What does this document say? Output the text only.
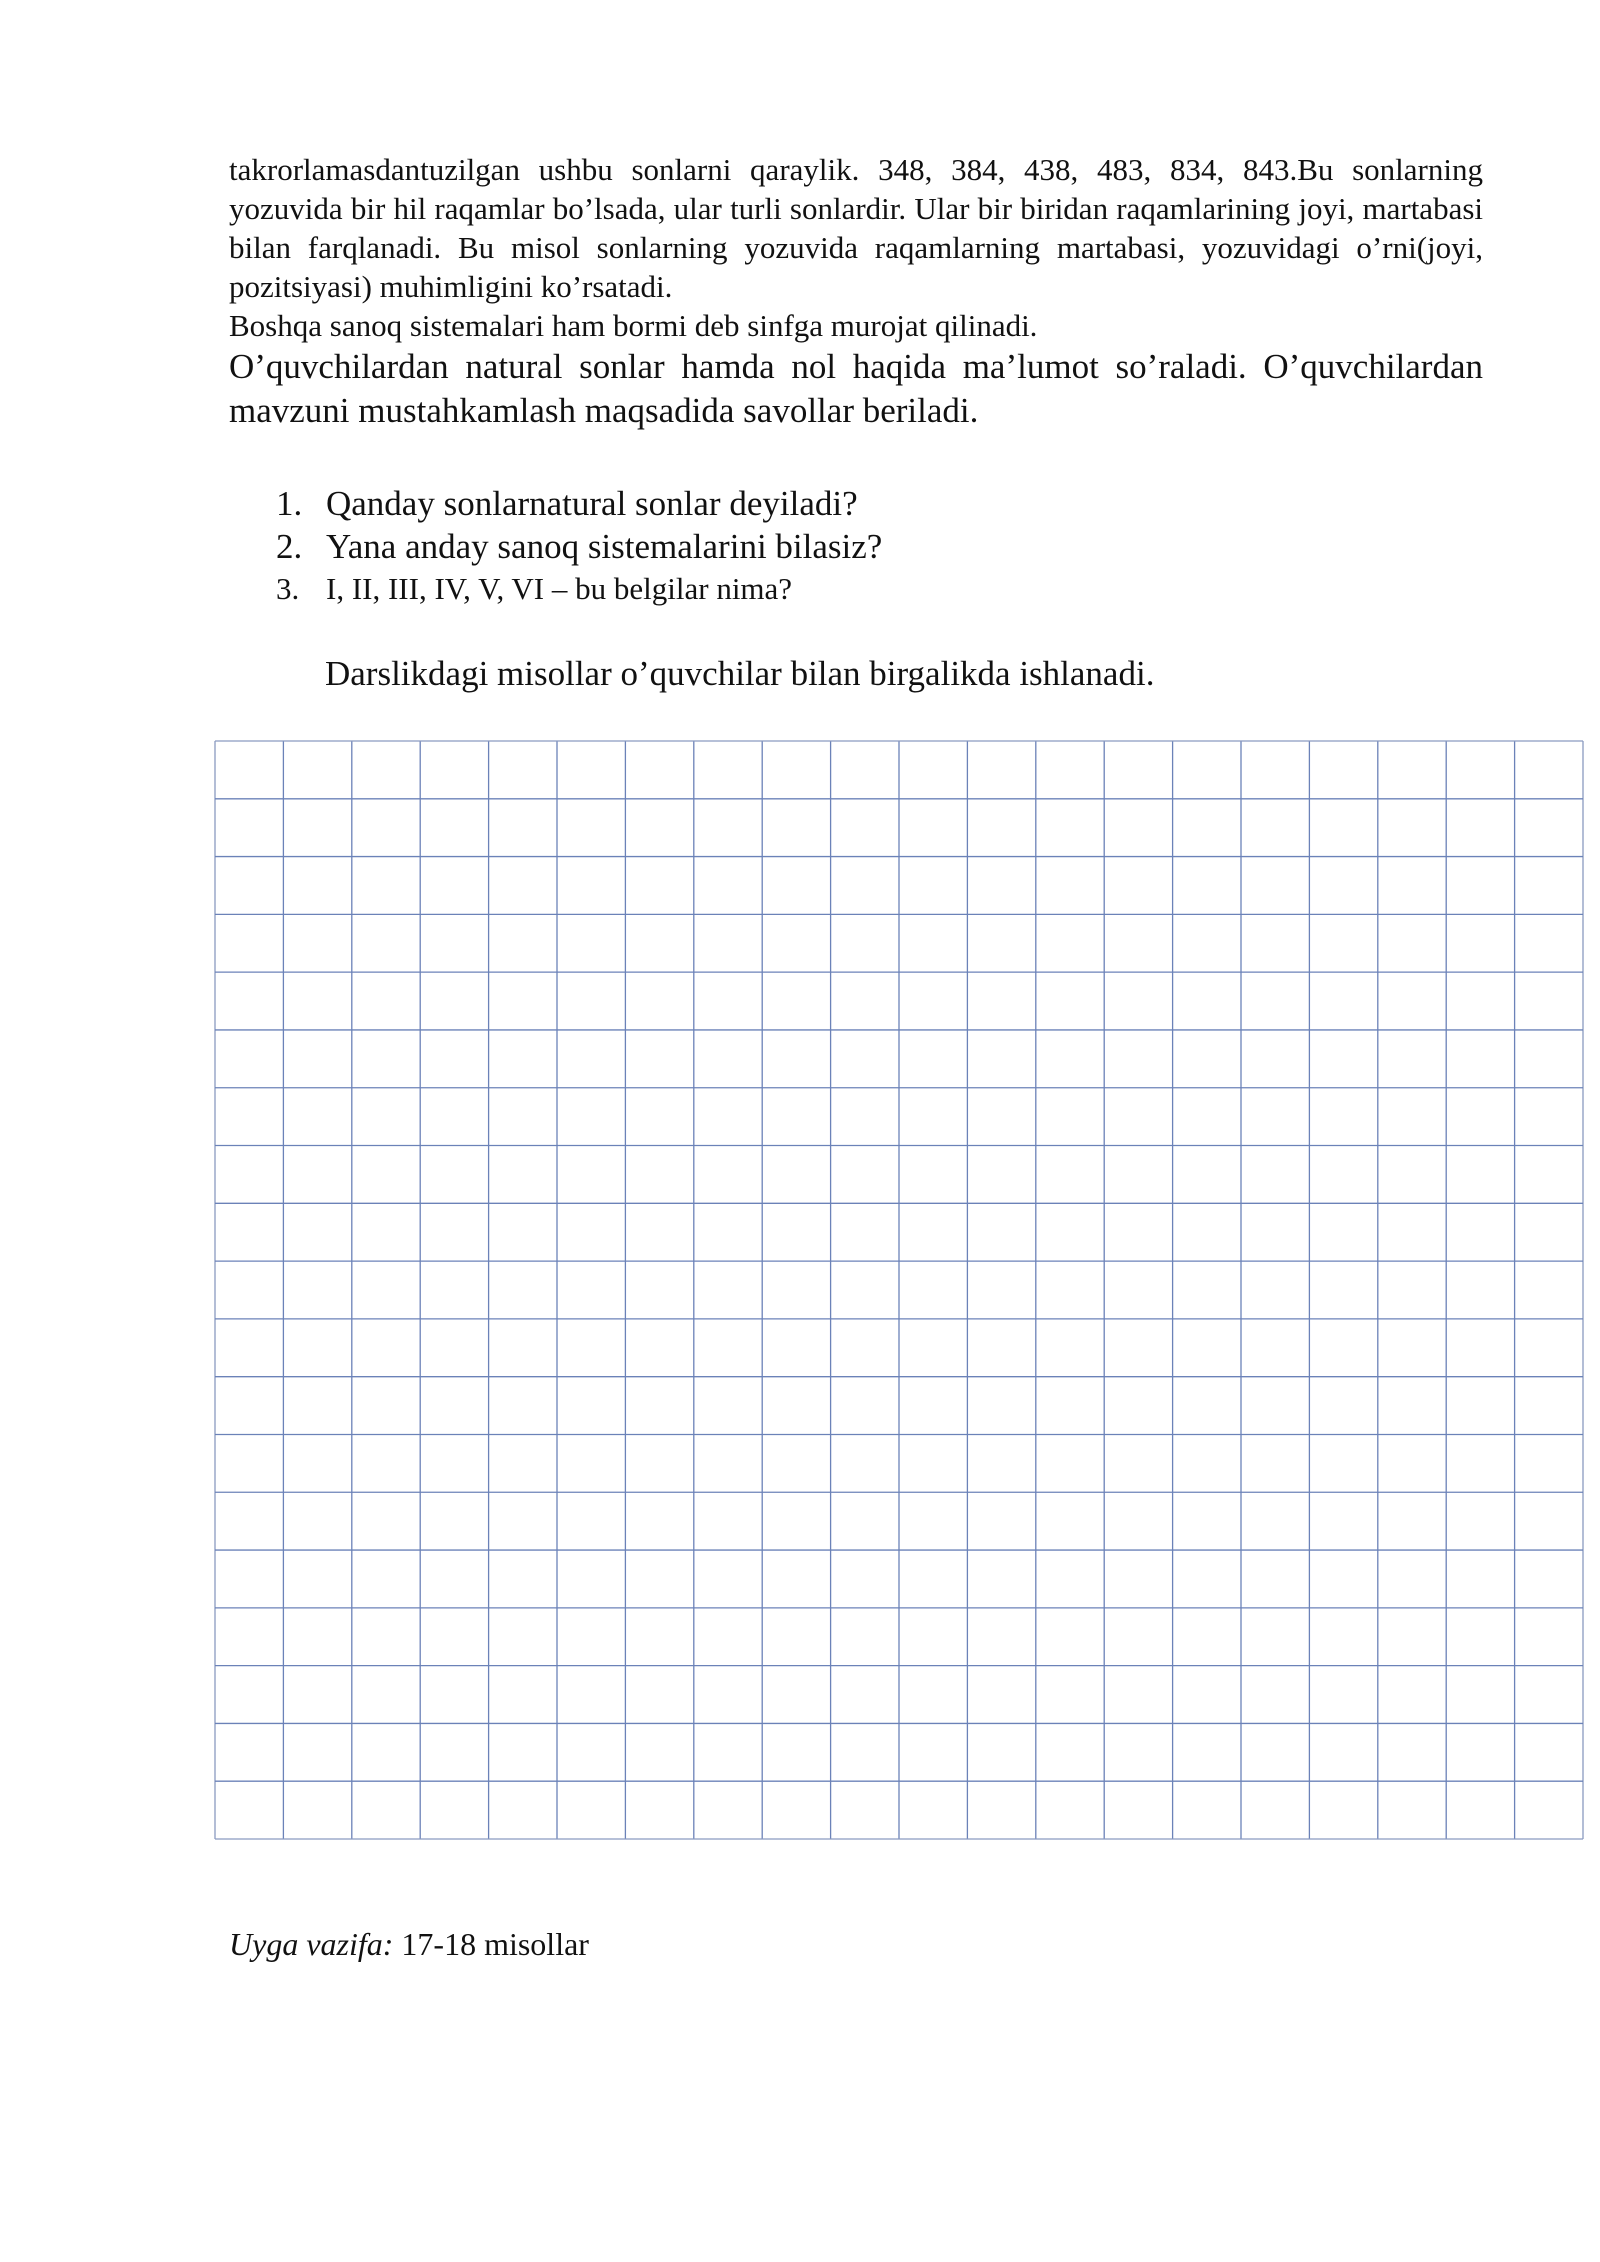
takrorlamasdantuzilgan ushbu sonlarni qaraylik. 348, 384, 438, 483, 834, 843.Bu sonlarning yozuvida bir hil raqamlar bo’lsada, ular turli sonlardir. Ular bir biridan raqamlarining joyi, martabasi bilan farqlanadi. Bu misol sonlarning yozuvida raqamlarning martabasi, yozuvidagi o’rni(joyi, pozitsiyasi) muhimligini ko’rsatadi.

Boshqa sanoq sistemalari ham bormi deb sinfga murojat qilinadi.

O’quvchilardan natural sonlar hamda nol haqida ma’lumot so’raladi. O’quvchilardan mavzuni mustahkamlash maqsadida savollar beriladi.

1. Qanday sonlarnatural sonlar deyiladi?
2. Yana anday sanoq sistemalarini bilasiz?
3. I, II, III, IV, V, VI – bu belgilar nima?

Darslikdagi misollar o’quvchilar bilan birgalikda ishlanadi.

Uyga vazifa: 17-18 misollar
